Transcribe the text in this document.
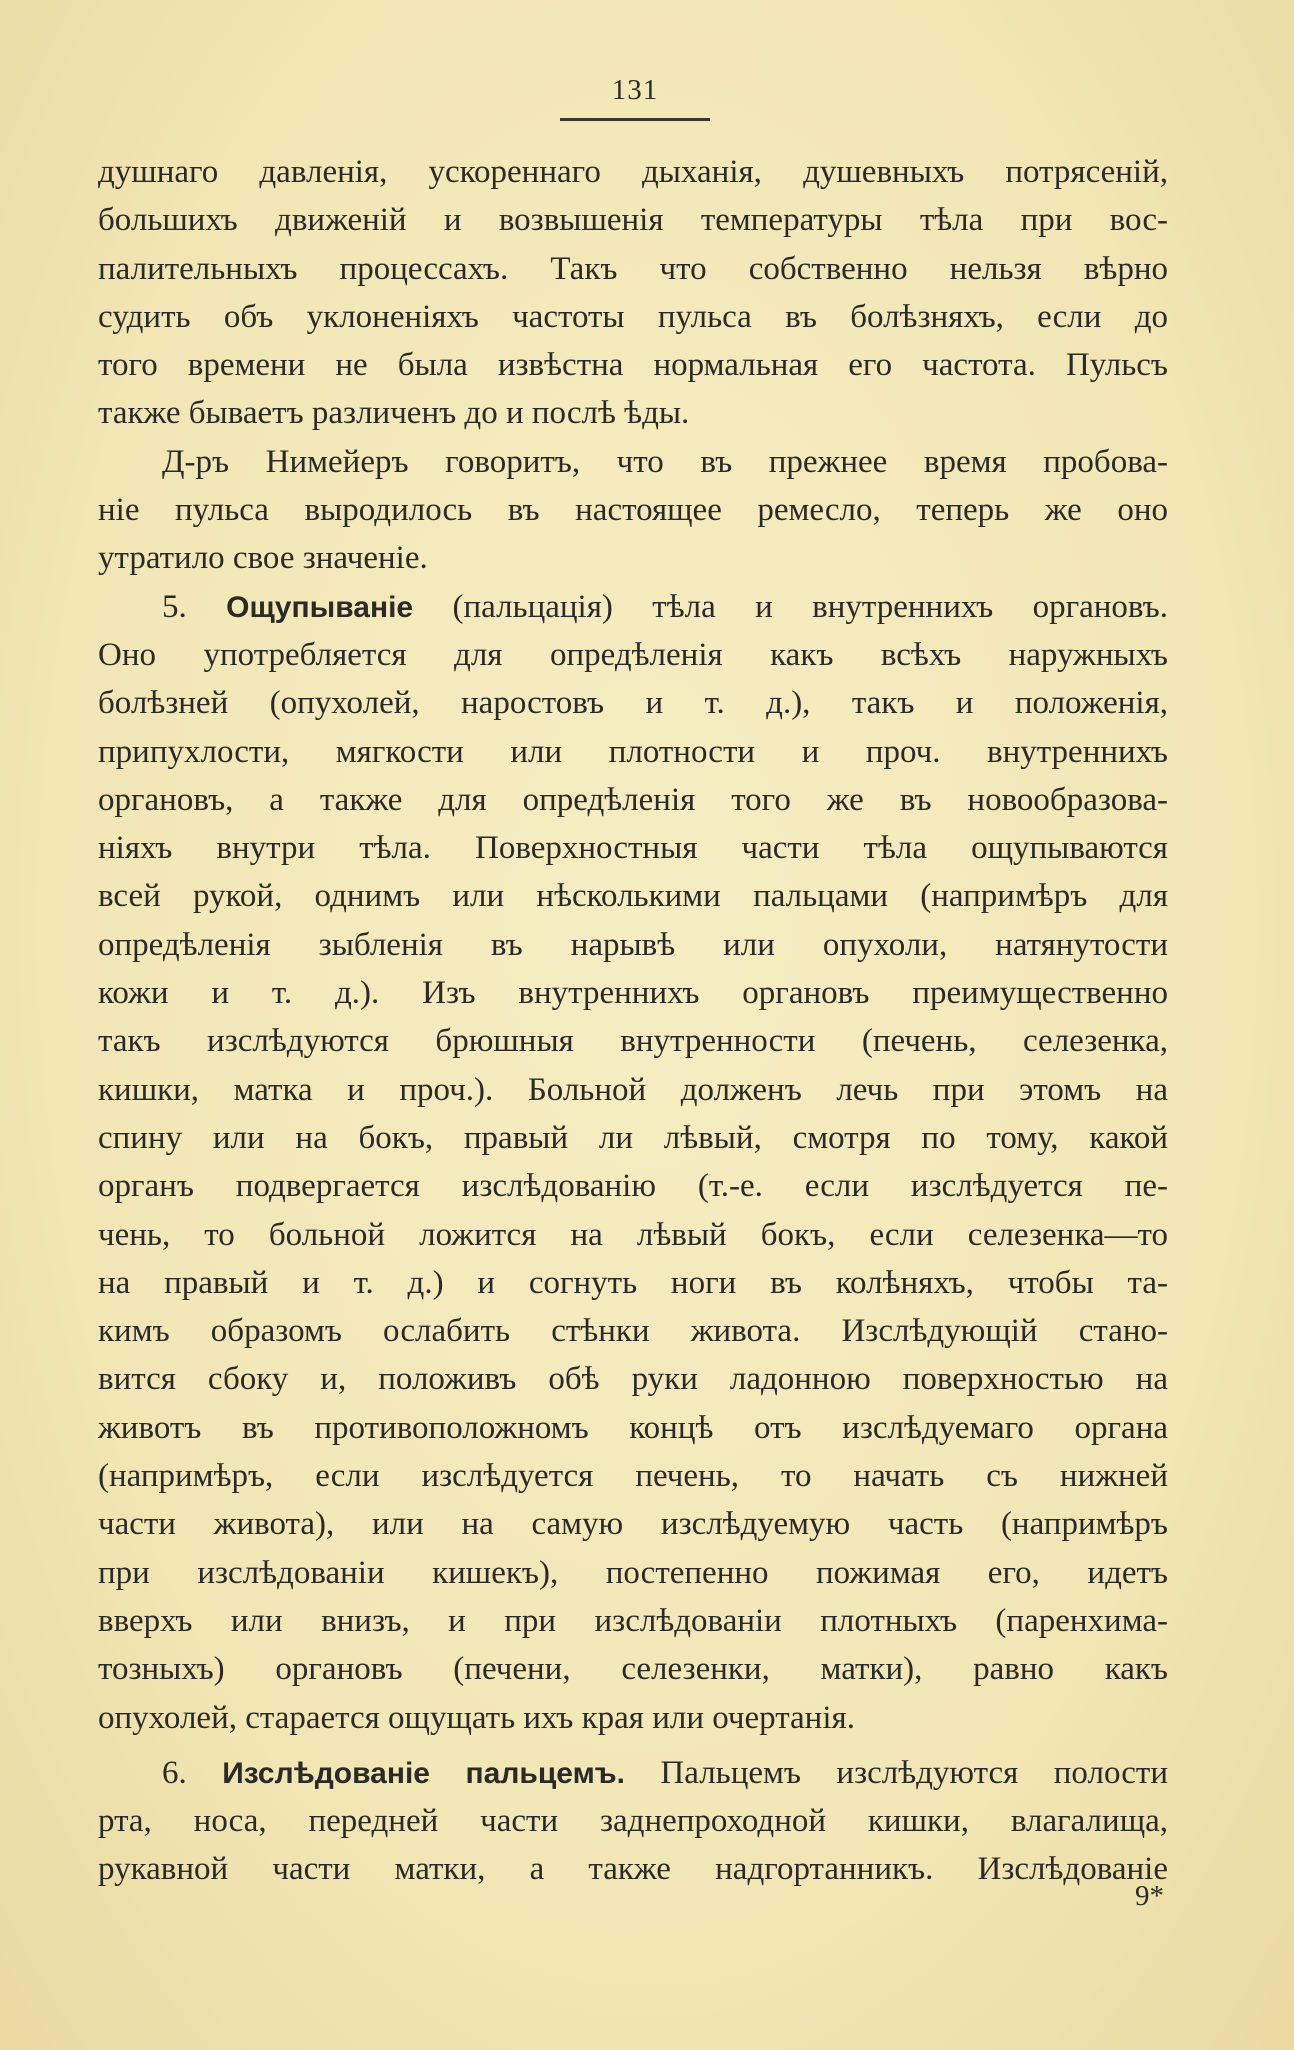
131
душнаго давленія, ускореннаго дыханія, душевныхъ потрясеній,
большихъ движеній и возвышенія температуры тѣла при вос-
палительныхъ процессахъ. Такъ что собственно нельзя вѣрно
судить объ уклоненіяхъ частоты пульса въ болѣзняхъ, если до
того времени не была извѣстна нормальная его частота. Пульсъ
также бываетъ различенъ до и послѣ ѣды.
Д-ръ Нимейеръ говоритъ, что въ прежнее время пробова-
ніе пульса выродилось въ настоящее ремесло, теперь же оно
утратило свое значеніе.
5. Ощупываніе (пальцація) тѣла и внутреннихъ органовъ.
Оно употребляется для опредѣленія какъ всѣхъ наружныхъ
болѣзней (опухолей, наростовъ и т. д.), такъ и положенія,
припухлости, мягкости или плотности и проч. внутреннихъ
органовъ, а также для опредѣленія того же въ новообразова-
ніяхъ внутри тѣла. Поверхностныя части тѣла ощупываются
всей рукой, однимъ или нѣсколькими пальцами (напримѣръ для
опредѣленія зыбленія въ нарывѣ или опухоли, натянутости
кожи и т. д.). Изъ внутреннихъ органовъ преимущественно
такъ изслѣдуются брюшныя внутренности (печень, селезенка,
кишки, матка и проч.). Больной долженъ лечь при этомъ на
спину или на бокъ, правый ли лѣвый, смотря по тому, какой
органъ подвергается изслѣдованію (т.-е. если изслѣдуется пе-
чень, то больной ложится на лѣвый бокъ, если селезенка—то
на правый и т. д.) и согнуть ноги въ колѣняхъ, чтобы та-
кимъ образомъ ослабить стѣнки живота. Изслѣдующій стано-
вится сбоку и, положивъ обѣ руки ладонною поверхностью на
животъ въ противоположномъ концѣ отъ изслѣдуемаго органа
(напримѣръ, если изслѣдуется печень, то начать съ нижней
части живота), или на самую изслѣдуемую часть (напримѣръ
при изслѣдованіи кишекъ), постепенно пожимая его, идетъ
вверхъ или внизъ, и при изслѣдованіи плотныхъ (паренхима-
тозныхъ) органовъ (печени, селезенки, матки), равно какъ
опухолей, старается ощущать ихъ края или очертанія.
6. Изслѣдованіе пальцемъ. Пальцемъ изслѣдуются полости
рта, носа, передней части заднепроходной кишки, влагалища,
рукавной части матки, а также надгортанникъ. Изслѣдованіе
9*
